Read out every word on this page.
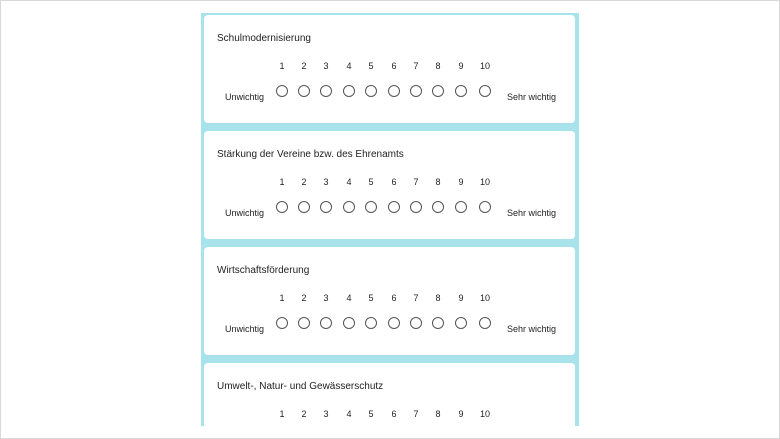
Schulmodernisierung
1	2	3	4	5	6	7	8	9	10
Unwichtig	Sehr wichtig
Stärkung der Vereine bzw. des Ehrenamts
1	2	3	4	5	6	7	8	9	10
Unwichtig	Sehr wichtig
Wirtschaftsförderung
1	2	3	4	5	6	7	8	9	10
Unwichtig	Sehr wichtig
Umwelt-, Natur- und Gewässerschutz
1	2	3	4	5	6	7	8	9	10
